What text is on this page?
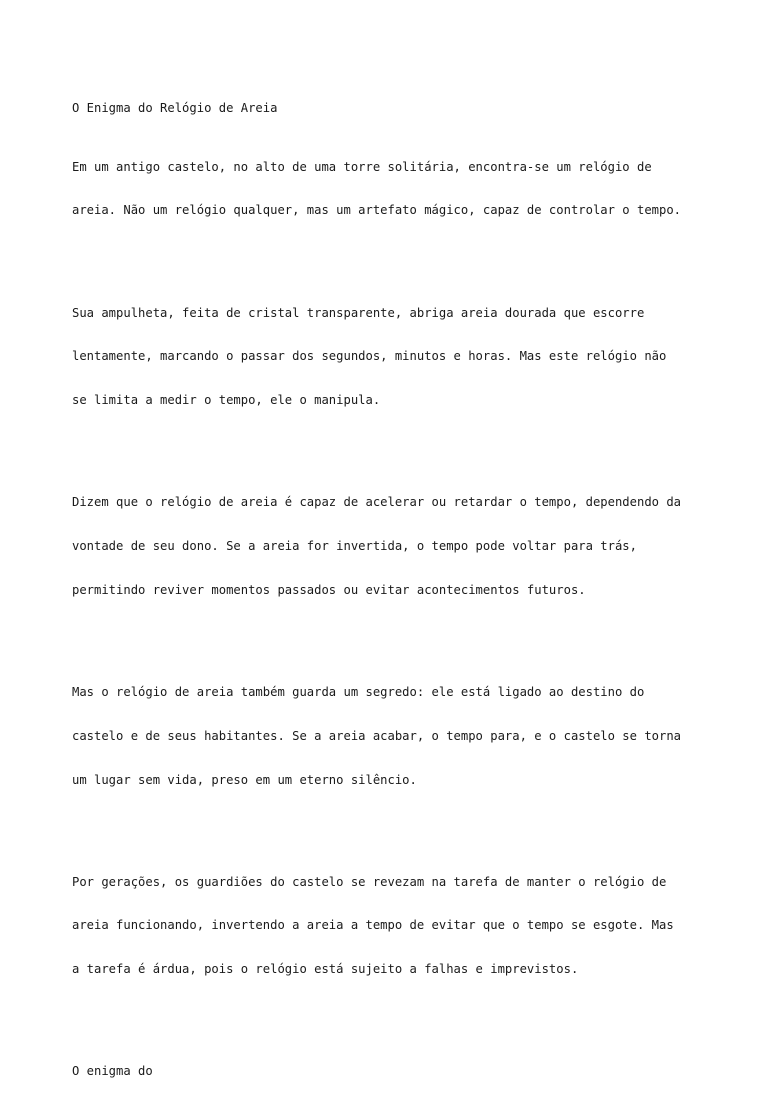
O Enigma do Relógio de Areia

Em um antigo castelo, no alto de uma torre solitária, encontra-se um relógio de

areia. Não um relógio qualquer, mas um artefato mágico, capaz de controlar o tempo.

Sua ampulheta, feita de cristal transparente, abriga areia dourada que escorre

lentamente, marcando o passar dos segundos, minutos e horas. Mas este relógio não

se limita a medir o tempo, ele o manipula.

Dizem que o relógio de areia é capaz de acelerar ou retardar o tempo, dependendo da

vontade de seu dono. Se a areia for invertida, o tempo pode voltar para trás,

permitindo reviver momentos passados ou evitar acontecimentos futuros.

Mas o relógio de areia também guarda um segredo: ele está ligado ao destino do

castelo e de seus habitantes. Se a areia acabar, o tempo para, e o castelo se torna

um lugar sem vida, preso em um eterno silêncio.

Por gerações, os guardiões do castelo se revezam na tarefa de manter o relógio de

areia funcionando, invertendo a areia a tempo de evitar que o tempo se esgote. Mas

a tarefa é árdua, pois o relógio está sujeito a falhas e imprevistos.

O enigma do
